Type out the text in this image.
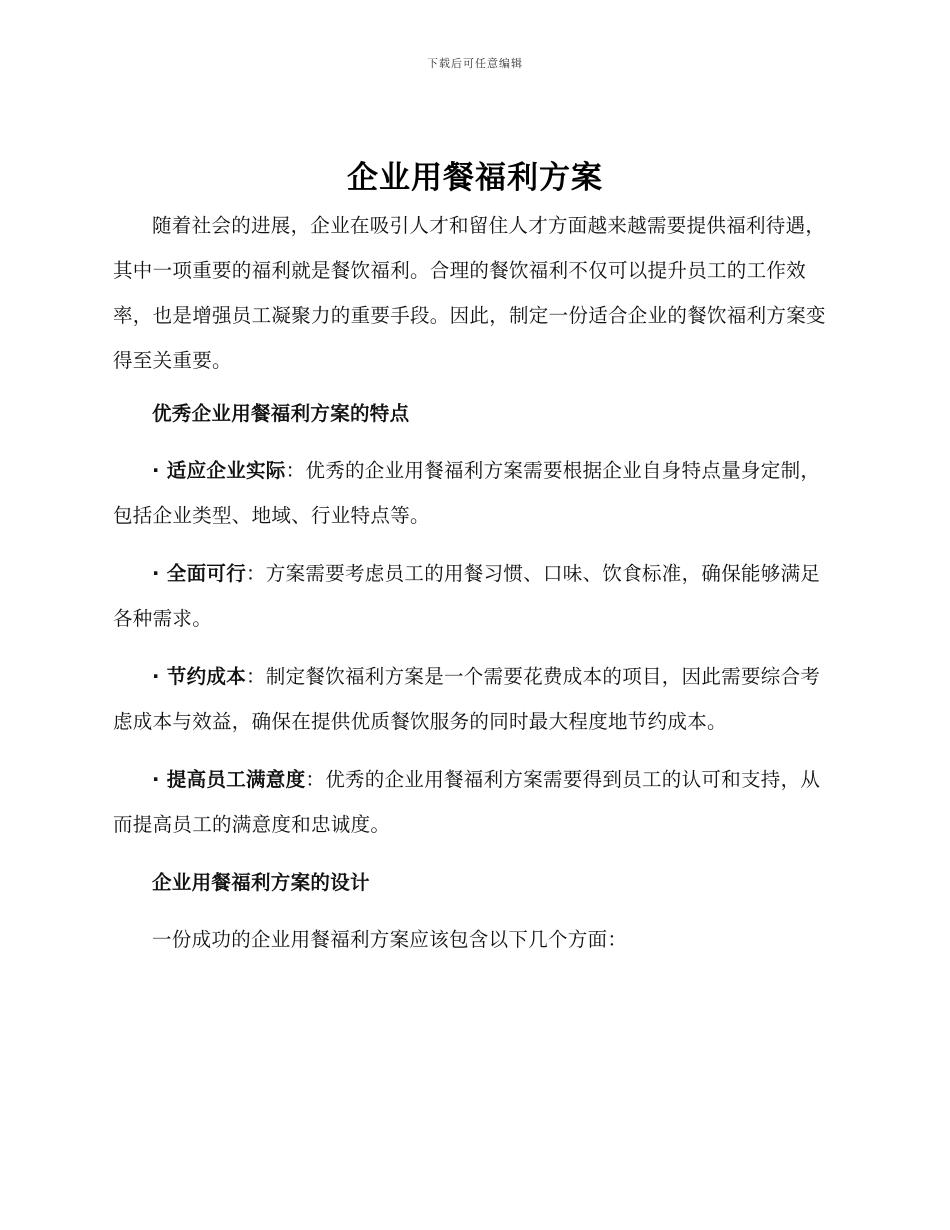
下载后可任意编辑
企业用餐福利方案

随着社会的进展，企业在吸引人才和留住人才方面越来越需要提供福利待遇，其中一项重要的福利就是餐饮福利。合理的餐饮福利不仅可以提升员工的工作效率，也是增强员工凝聚力的重要手段。因此，制定一份适合企业的餐饮福利方案变得至关重要。

优秀企业用餐福利方案的特点

· 适应企业实际：优秀的企业用餐福利方案需要根据企业自身特点量身定制，包括企业类型、地域、行业特点等。

· 全面可行：方案需要考虑员工的用餐习惯、口味、饮食标准，确保能够满足各种需求。

· 节约成本：制定餐饮福利方案是一个需要花费成本的项目，因此需要综合考虑成本与效益，确保在提供优质餐饮服务的同时最大程度地节约成本。

· 提高员工满意度：优秀的企业用餐福利方案需要得到员工的认可和支持，从而提高员工的满意度和忠诚度。

企业用餐福利方案的设计

一份成功的企业用餐福利方案应该包含以下几个方面：
